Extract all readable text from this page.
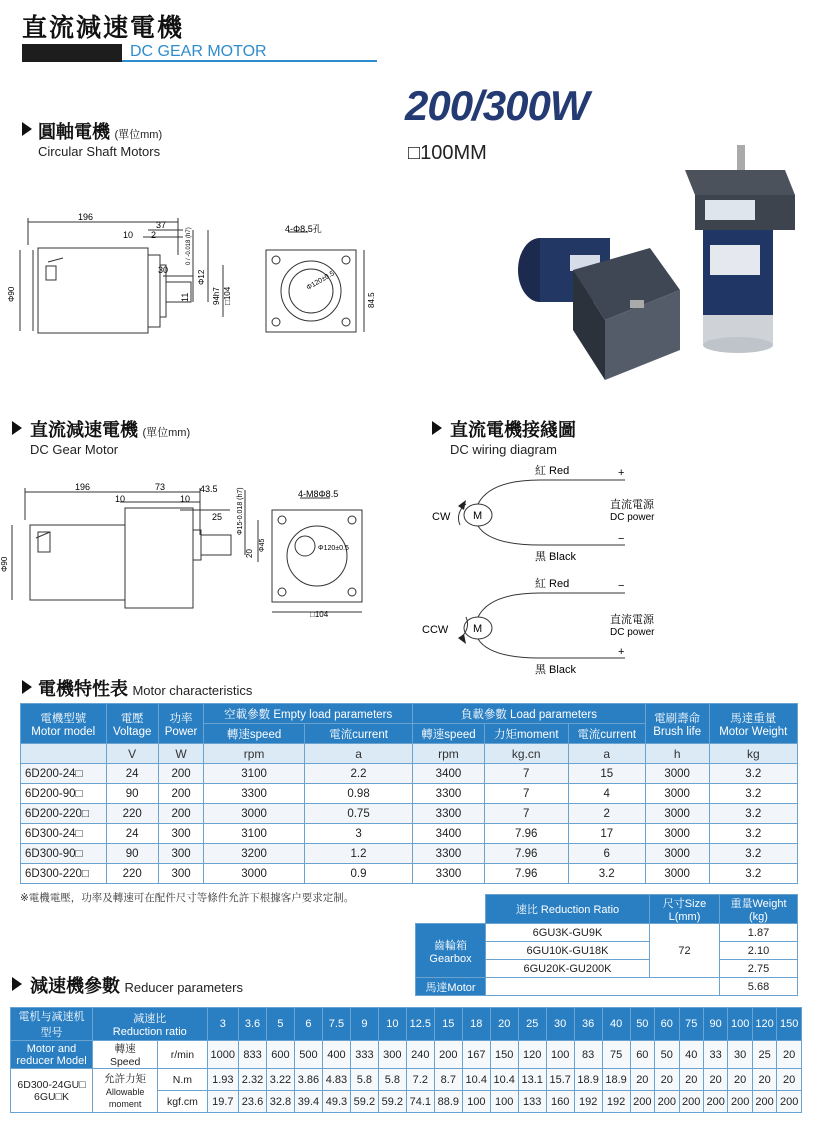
直流減速電機
DC GEAR MOTOR
圓軸電機 (單位mm)
Circular Shaft Motors
200/300W
□100MM
196
37
10 2
30
11
Φ90
Φ12
0 / -0.018 (h7)
94h7 □104
4-Φ8.5孔
Φ120±0.5
84.5
直流減速電機 (單位mm)
DC Gear Motor
直流電機接綫圖
DC wiring diagram
196	73	43.5
10	10
25
20
Φ15-0.018 (h7)
Φ45
Φ90
4-M8Φ8.5
Φ120±0.5
□104
CW M
紅 Red
黑 Black
+
−
直流電源
DC power
CCW M
紅 Red
黑 Black
−
+
直流電源
DC power
電機特性表 Motor characteristics
電機型號
Motor model	電壓
Voltage	功率
Power	空載參數 Empty load parameters		負載參數 Load parameters			電刷壽命
Brush life	馬達重量
Motor Weight
			轉速speed	電流current	轉速speed	力矩moment	電流current		
	V	W	rpm	a	rpm	kg.cn	a	h	kg
6D200-24□	24	200	3100	2.2	3400	7	15	3000	3.2
6D200-90□	90	200	3300	0.98	3300	7	4	3000	3.2
6D200-220□	220	200	3000	0.75	3300	7	2	3000	3.2
6D300-24□	24	300	3100	3	3400	7.96	17	3000	3.2
6D300-90□	90	300	3200	1.2	3300	7.96	6	3000	3.2
6D300-220□	220	300	3000	0.9	3300	7.96	3.2	3000	3.2
※電機電壓，功率及轉速可在配件尺寸等條件允許下根據客户要求定制。
	速比 Reduction Ratio	尺寸Size
L(mm)	重量Weight
(kg)
齒輪箱
Gearbox	6GU3K-GU9K	72	1.87
	6GU10K-GU18K		2.10
	6GU20K-GU200K		2.75
馬達Motor			5.68
減速機參數 Reducer parameters
電机与减速机
型号	减速比
Reduction ratio		3	3.6	5	6	7.5	9	10	12.5	15	18	20	25	30	36	40	50	60	75	90	100	120	150
Motor and
reducer Model	轉速
Speed	r/min	1000	833	600	500	400	333	300	240	200	167	150	120	100	83	75	60	50	40	33	30	25	20
6D300-24GU□
6GU□K	允許力矩
Allowable
moment	N.m	1.93	2.32	3.22	3.86	4.83	5.8	5.8	7.2	8.7	10.4	10.4	13.1	15.7	18.9	18.9	20	20	20	20	20	20	20
		kgf.cm	19.7	23.6	32.8	39.4	49.3	59.2	59.2	74.1	88.9	100	100	133	160	192	192	200	200	200	200	200	200	200
